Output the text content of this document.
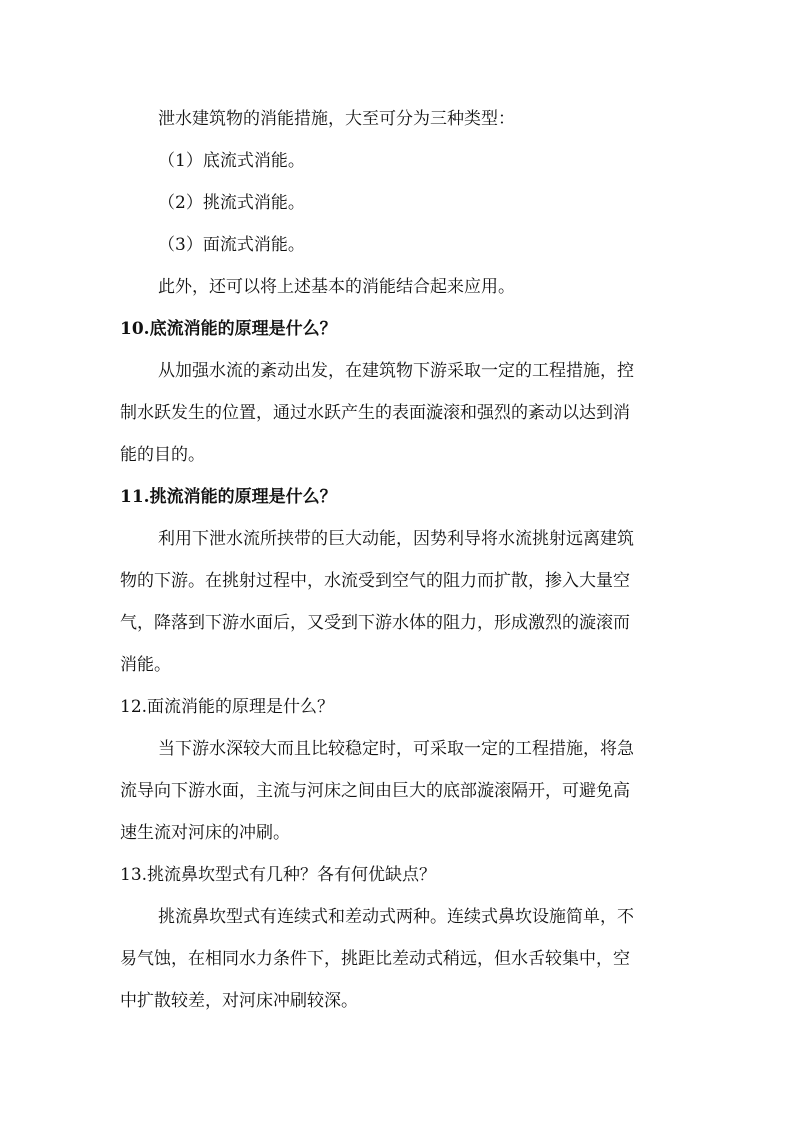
泄水建筑物的消能措施，大至可分为三种类型：
（1）底流式消能。
（2）挑流式消能。
（3）面流式消能。
此外，还可以将上述基本的消能结合起来应用。
10.底流消能的原理是什么？
从加强水流的紊动出发，在建筑物下游采取一定的工程措施，控
制水跃发生的位置，通过水跃产生的表面漩滚和强烈的紊动以达到消
能的目的。
11.挑流消能的原理是什么？
利用下泄水流所挟带的巨大动能，因势利导将水流挑射远离建筑
物的下游。在挑射过程中，水流受到空气的阻力而扩散，掺入大量空
气，降落到下游水面后，又受到下游水体的阻力，形成激烈的漩滚而
消能。
12.面流消能的原理是什么？
当下游水深较大而且比较稳定时，可采取一定的工程措施，将急
流导向下游水面，主流与河床之间由巨大的底部漩滚隔开，可避免高
速生流对河床的冲刷。
13.挑流鼻坎型式有几种？各有何优缺点？
挑流鼻坎型式有连续式和差动式两种。连续式鼻坎设施简单，不
易气蚀，在相同水力条件下，挑距比差动式稍远，但水舌较集中，空
中扩散较差，对河床冲刷较深。
